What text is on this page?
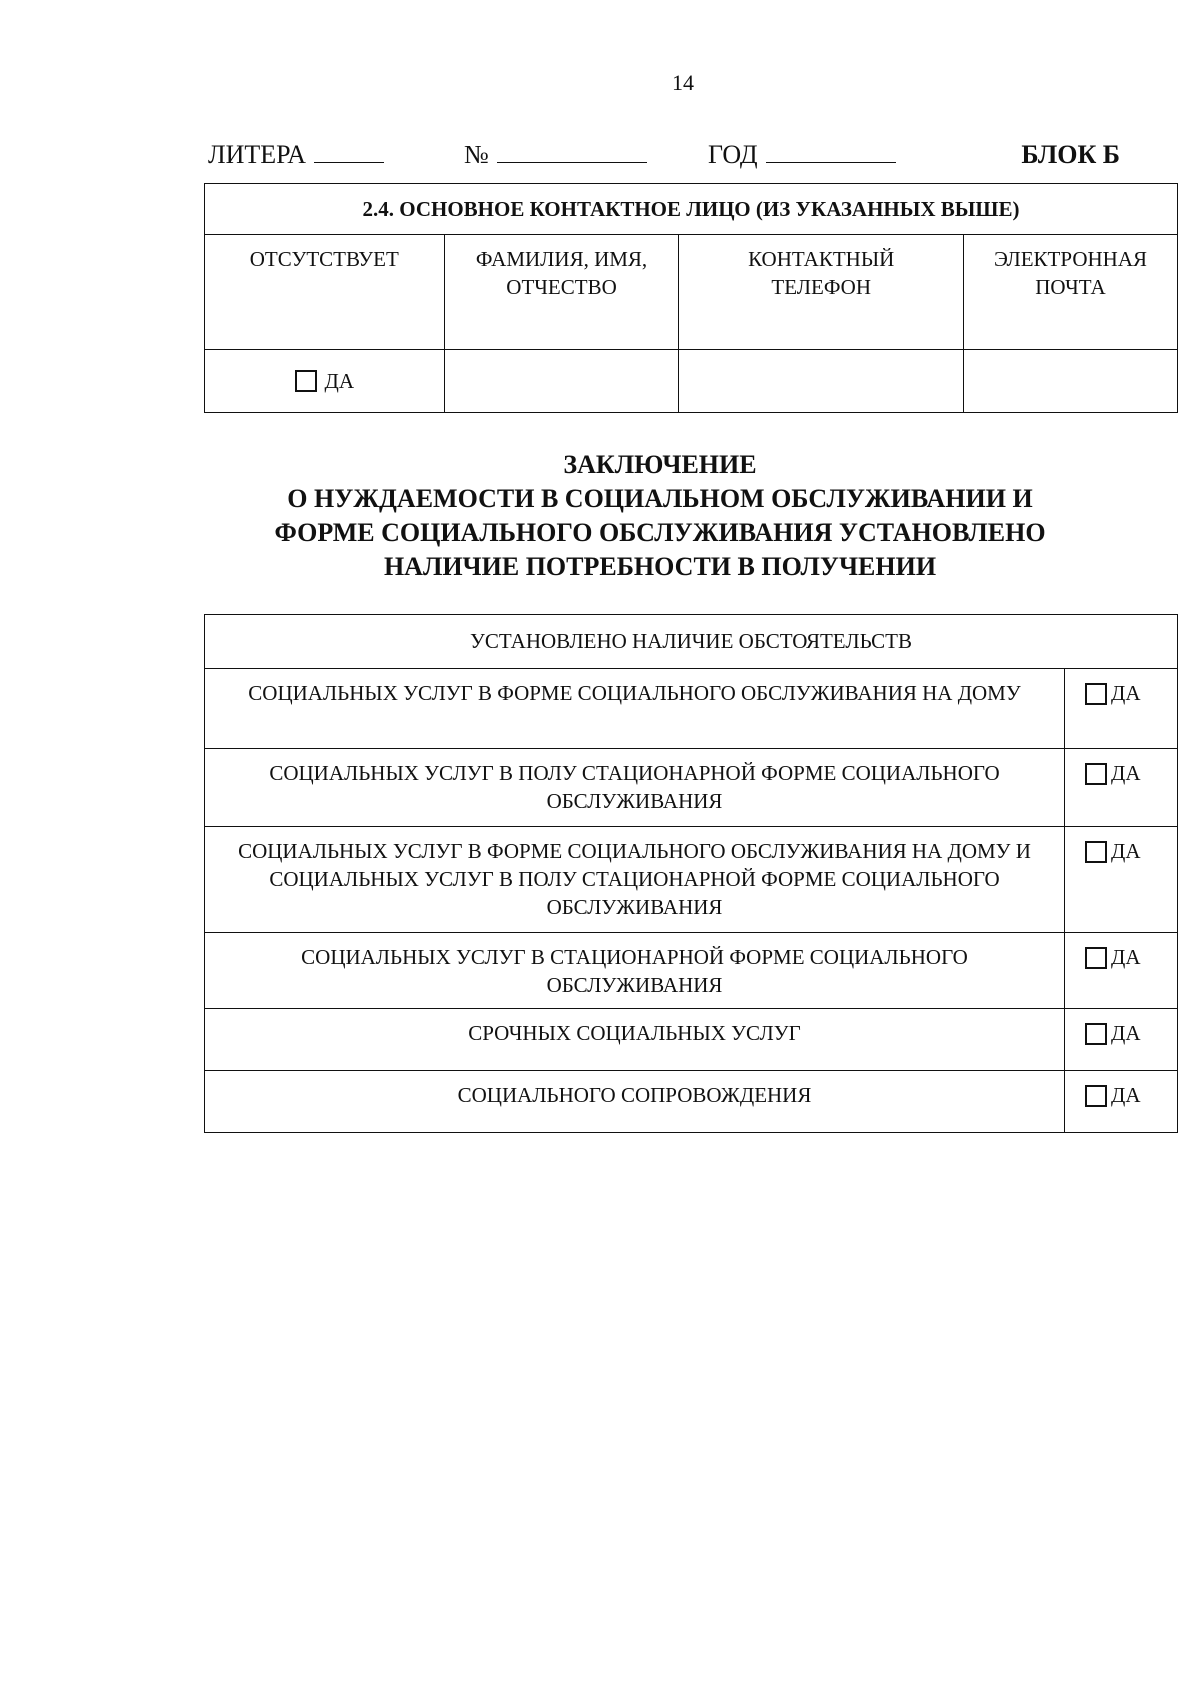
14
ЛИТЕРА	№	ГОД	БЛОК Б
2.4. ОСНОВНОЕ КОНТАКТНОЕ ЛИЦО (ИЗ УКАЗАННЫХ ВЫШЕ)			
ОТСУТСТВУЕТ	ФАМИЛИЯ, ИМЯ, ОТЧЕСТВО	КОНТАКТНЫЙ ТЕЛЕФОН	ЭЛЕКТРОННАЯ ПОЧТА

ДА			

ЗАКЛЮЧЕНИЕ
О НУЖДАЕМОСТИ В СОЦИАЛЬНОМ ОБСЛУЖИВАНИИ И
ФОРМЕ СОЦИАЛЬНОГО ОБСЛУЖИВАНИЯ УСТАНОВЛЕНО
НАЛИЧИЕ ПОТРЕБНОСТИ В ПОЛУЧЕНИИ
УСТАНОВЛЕНО НАЛИЧИЕ ОБСТОЯТЕЛЬСТВ	
СОЦИАЛЬНЫХ УСЛУГ В ФОРМЕ СОЦИАЛЬНОГО ОБСЛУЖИВАНИЯ НА ДОМУ	ДА

СОЦИАЛЬНЫХ УСЛУГ В ПОЛУ СТАЦИОНАРНОЙ ФОРМЕ СОЦИАЛЬНОГО ОБСЛУЖИВАНИЯ	ДА

СОЦИАЛЬНЫХ УСЛУГ В ФОРМЕ СОЦИАЛЬНОГО ОБСЛУЖИВАНИЯ НА ДОМУ И СОЦИАЛЬНЫХ УСЛУГ В ПОЛУ СТАЦИОНАРНОЙ ФОРМЕ СОЦИАЛЬНОГО ОБСЛУЖИВАНИЯ	ДА

СОЦИАЛЬНЫХ УСЛУГ В СТАЦИОНАРНОЙ ФОРМЕ СОЦИАЛЬНОГО ОБСЛУЖИВАНИЯ	ДА

СРОЧНЫХ СОЦИАЛЬНЫХ УСЛУГ	ДА

СОЦИАЛЬНОГО СОПРОВОЖДЕНИЯ	ДА
